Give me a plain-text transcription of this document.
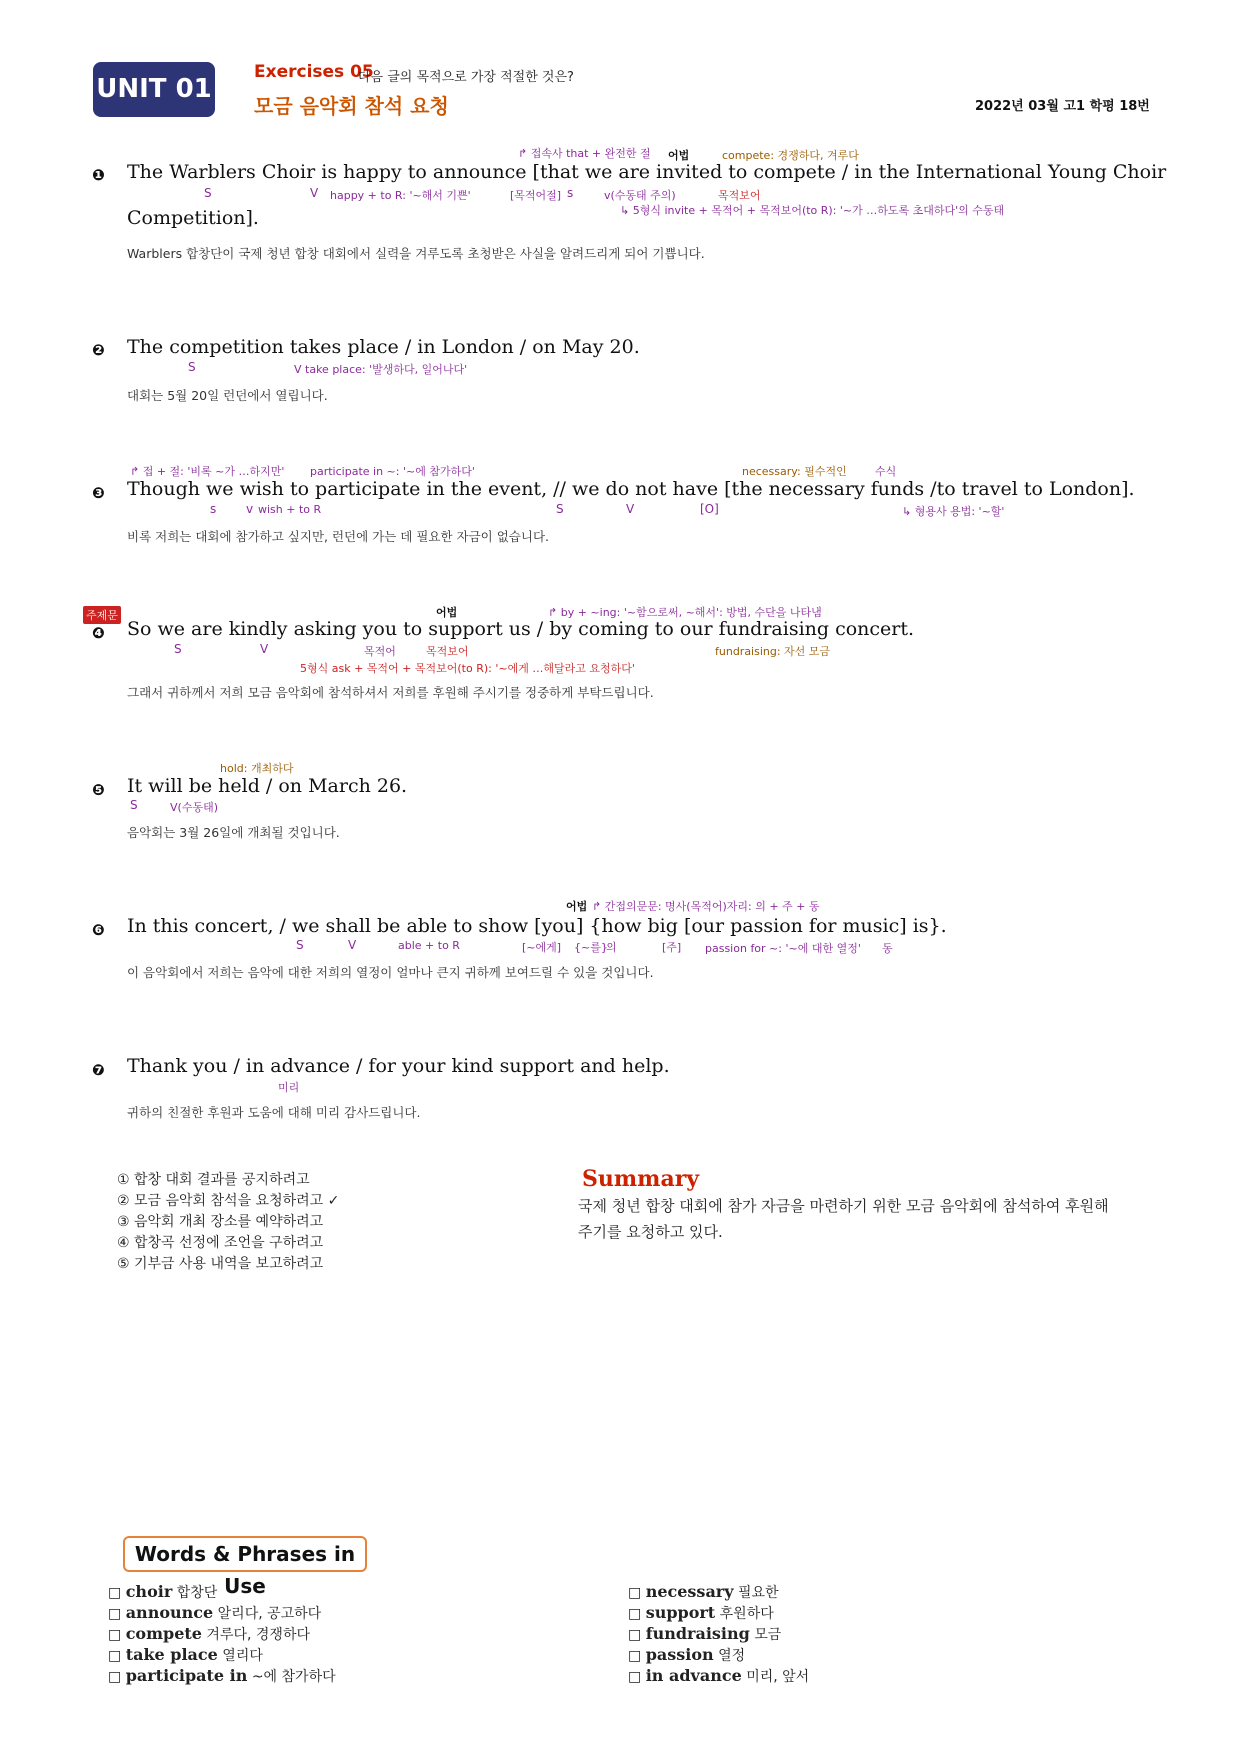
UNIT 01
Exercises 05
다음 글의 목적으로 가장 적절한 것은?
모금 음악회 참석 요청	2022년 03월 고1 학평 18번
↱ 접속사 that + 완전한 절 어법	compete: 경쟁하다, 겨루다
❶ The Warblers Choir is happy to announce [that we are invited to compete / in the International Young Choir
S	V happy + to R: '~해서 기쁜'	[목적어절] s	v(수동태 주의)	목적보어
↳ 5형식 invite + 목적어 + 목적보어(to R): '~가 …하도록 초대하다'의 수동태
Competition].
Warblers 합창단이 국제 청년 합창 대회에서 실력을 겨루도록 초청받은 사실을 알려드리게 되어 기쁩니다.
❷ The competition takes place / in London / on May 20.
S	V take place: '발생하다, 일어나다'
대회는 5월 20일 런던에서 열립니다.
↱ 접 + 절: '비록 ~가 …하지만' participate in ~: '~에 참가하다'	necessary: 필수적인	수식
❸ Though we wish to participate in the event, // we do not have [the necessary funds /to travel to London].
s v wish + to R	S	V	[O]	↳ 형용사 용법: '~할'
비록 저희는 대회에 참가하고 싶지만, 런던에 가는 데 필요한 자금이 없습니다.
주제문	어법	↱ by + ~ing: '~함으로써, ~해서': 방법, 수단을 나타냄
❹ So we are kindly asking you to support us / by coming to our fundraising concert.
S	V	목적어	목적보어	fundraising: 자선 모금
5형식 ask + 목적어 + 목적보어(to R): '~에게 …해달라고 요청하다'
그래서 귀하께서 저희 모금 음악회에 참석하셔서 저희를 후원해 주시기를 정중하게 부탁드립니다.
hold: 개최하다
❺ It will be held / on March 26.
S	V(수동태)
음악회는 3월 26일에 개최될 것입니다.
어법 ↱ 간접의문문: 명사(목적어)자리: 의 + 주 + 동
❻ In this concert, / we shall be able to show [you] {how big [our passion for music] is}.
S	V	able + to R	[~에게] {~를}
의	[주] passion for ~: '~에 대한 열정' 동
이 음악회에서 저희는 음악에 대한 저희의 열정이 얼마나 큰지 귀하께 보여드릴 수 있을 것입니다.
❼ Thank you / in advance / for your kind support and help.
미리
귀하의 친절한 후원과 도움에 대해 미리 감사드립니다.
① 합창 대회 결과를 공지하려고
② 모금 음악회 참석을 요청하려고 ✓
③ 음악회 개최 장소를 예약하려고
④ 합창곡 선정에 조언을 구하려고
⑤ 기부금 사용 내역을 보고하려고
Summary
국제 청년 합창 대회에 참가 자금을 마련하기 위한 모금 음악회에 참석하여 후원해
주기를 요청하고 있다.
Words & Phrases in Use
□ choir 합창단
□ announce 알리다, 공고하다
□ compete 겨루다, 경쟁하다
□ take place 열리다
□ participate in ~에 참가하다
□ necessary 필요한
□ support 후원하다
□ fundraising 모금
□ passion 열정
□ in advance 미리, 앞서
